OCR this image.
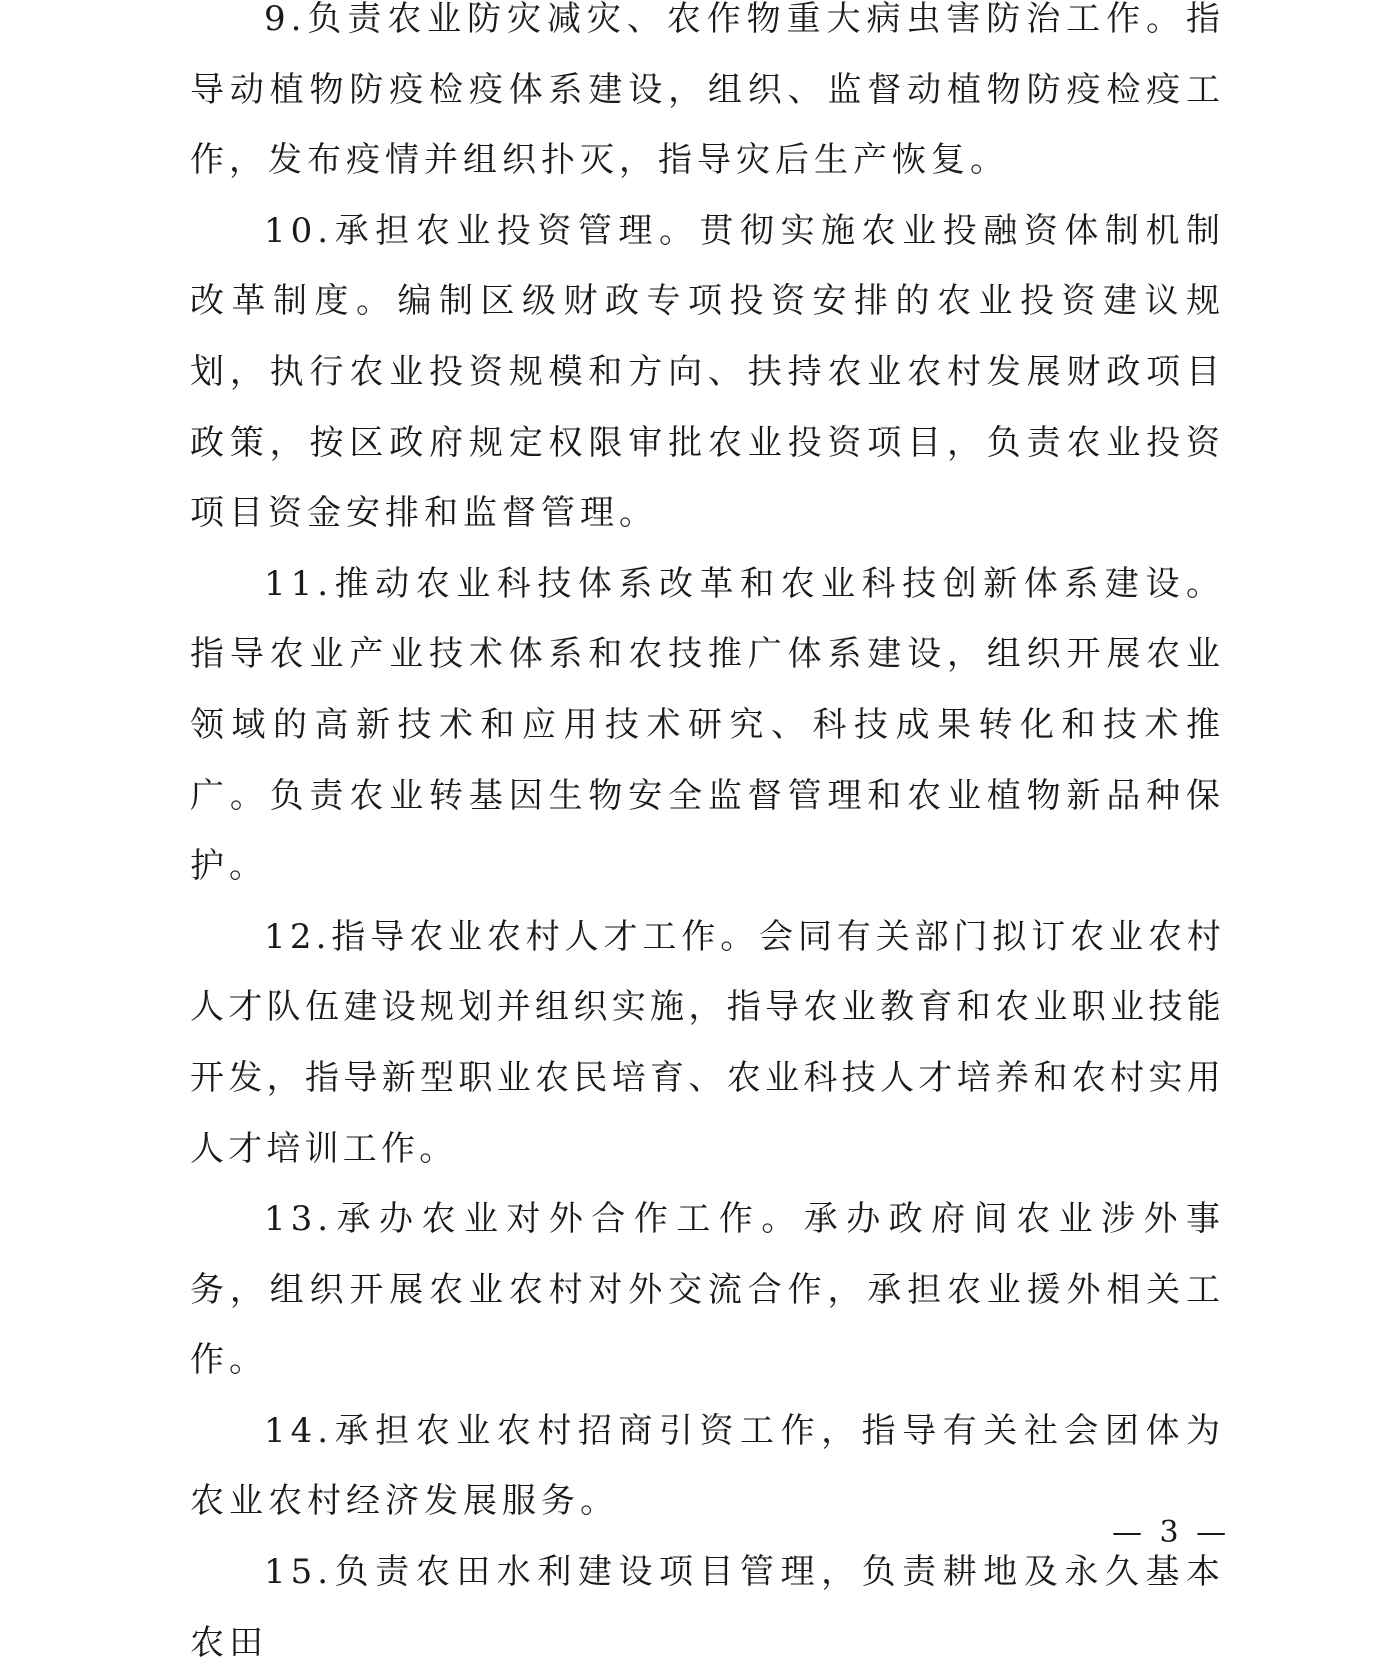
9.负责农业防灾减灾、农作物重大病虫害防治工作。指导动植物防疫检疫体系建设，组织、监督动植物防疫检疫工作，发布疫情并组织扑灭，指导灾后生产恢复。

10.承担农业投资管理。贯彻实施农业投融资体制机制改革制度。编制区级财政专项投资安排的农业投资建议规划，执行农业投资规模和方向、扶持农业农村发展财政项目政策，按区政府规定权限审批农业投资项目，负责农业投资项目资金安排和监督管理。

11.推动农业科技体系改革和农业科技创新体系建设。指导农业产业技术体系和农技推广体系建设，组织开展农业领域的高新技术和应用技术研究、科技成果转化和技术推广。负责农业转基因生物安全监督管理和农业植物新品种保护。

12.指导农业农村人才工作。会同有关部门拟订农业农村人才队伍建设规划并组织实施，指导农业教育和农业职业技能开发，指导新型职业农民培育、农业科技人才培养和农村实用人才培训工作。

13.承办农业对外合作工作。承办政府间农业涉外事务，组织开展农业农村对外交流合作，承担农业援外相关工作。

14.承担农业农村招商引资工作，指导有关社会团体为农业农村经济发展服务。

15.负责农田水利建设项目管理，负责耕地及永久基本农田

— 3 —
